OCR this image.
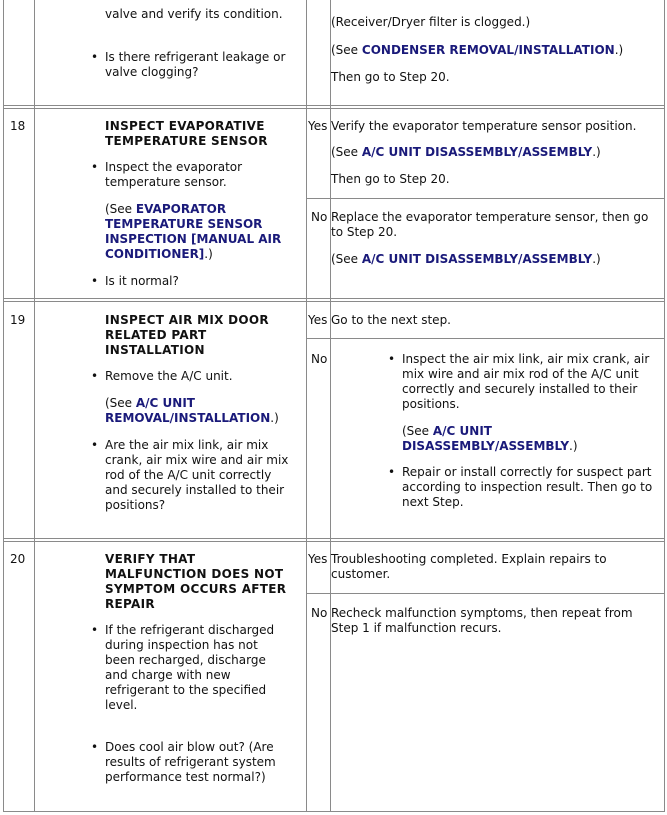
valve and verify its condition.
• Is there refrigerant leakage or valve clogging?
(Receiver/Dryer filter is clogged.)
(See CONDENSER REMOVAL/INSTALLATION.)
Then go to Step 20.
18	INSPECT EVAPORATIVE TEMPERATURE SENSOR
• Inspect the evaporator temperature sensor.
(See EVAPORATOR TEMPERATURE SENSOR INSPECTION [MANUAL AIR CONDITIONER].)
• Is it normal?
Yes Verify the evaporator temperature sensor position.
(See A/C UNIT DISASSEMBLY/ASSEMBLY.)
Then go to Step 20.
No Replace the evaporator temperature sensor, then go to Step 20.
(See A/C UNIT DISASSEMBLY/ASSEMBLY.)
19	INSPECT AIR MIX DOOR RELATED PART INSTALLATION
• Remove the A/C unit.
(See A/C UNIT REMOVAL/INSTALLATION.)
• Are the air mix link, air mix crank, air mix wire and air mix rod of the A/C unit correctly and securely installed to their positions?
Yes Go to the next step.
No
•	Inspect the air mix link, air mix crank, air mix wire and air mix rod of the A/C unit correctly and securely installed to their positions.
(See A/C UNIT DISASSEMBLY/ASSEMBLY.)
• Repair or install correctly for suspect part according to inspection result. Then go to next Step.
20	VERIFY THAT MALFUNCTION DOES NOT SYMPTOM OCCURS AFTER REPAIR
• If the refrigerant discharged during inspection has not been recharged, discharge and charge with new refrigerant to the specified level.
• Does cool air blow out? (Are results of refrigerant system performance test normal?)
Yes Troubleshooting completed. Explain repairs to customer.
No Recheck malfunction symptoms, then repeat from Step 1 if malfunction recurs.
